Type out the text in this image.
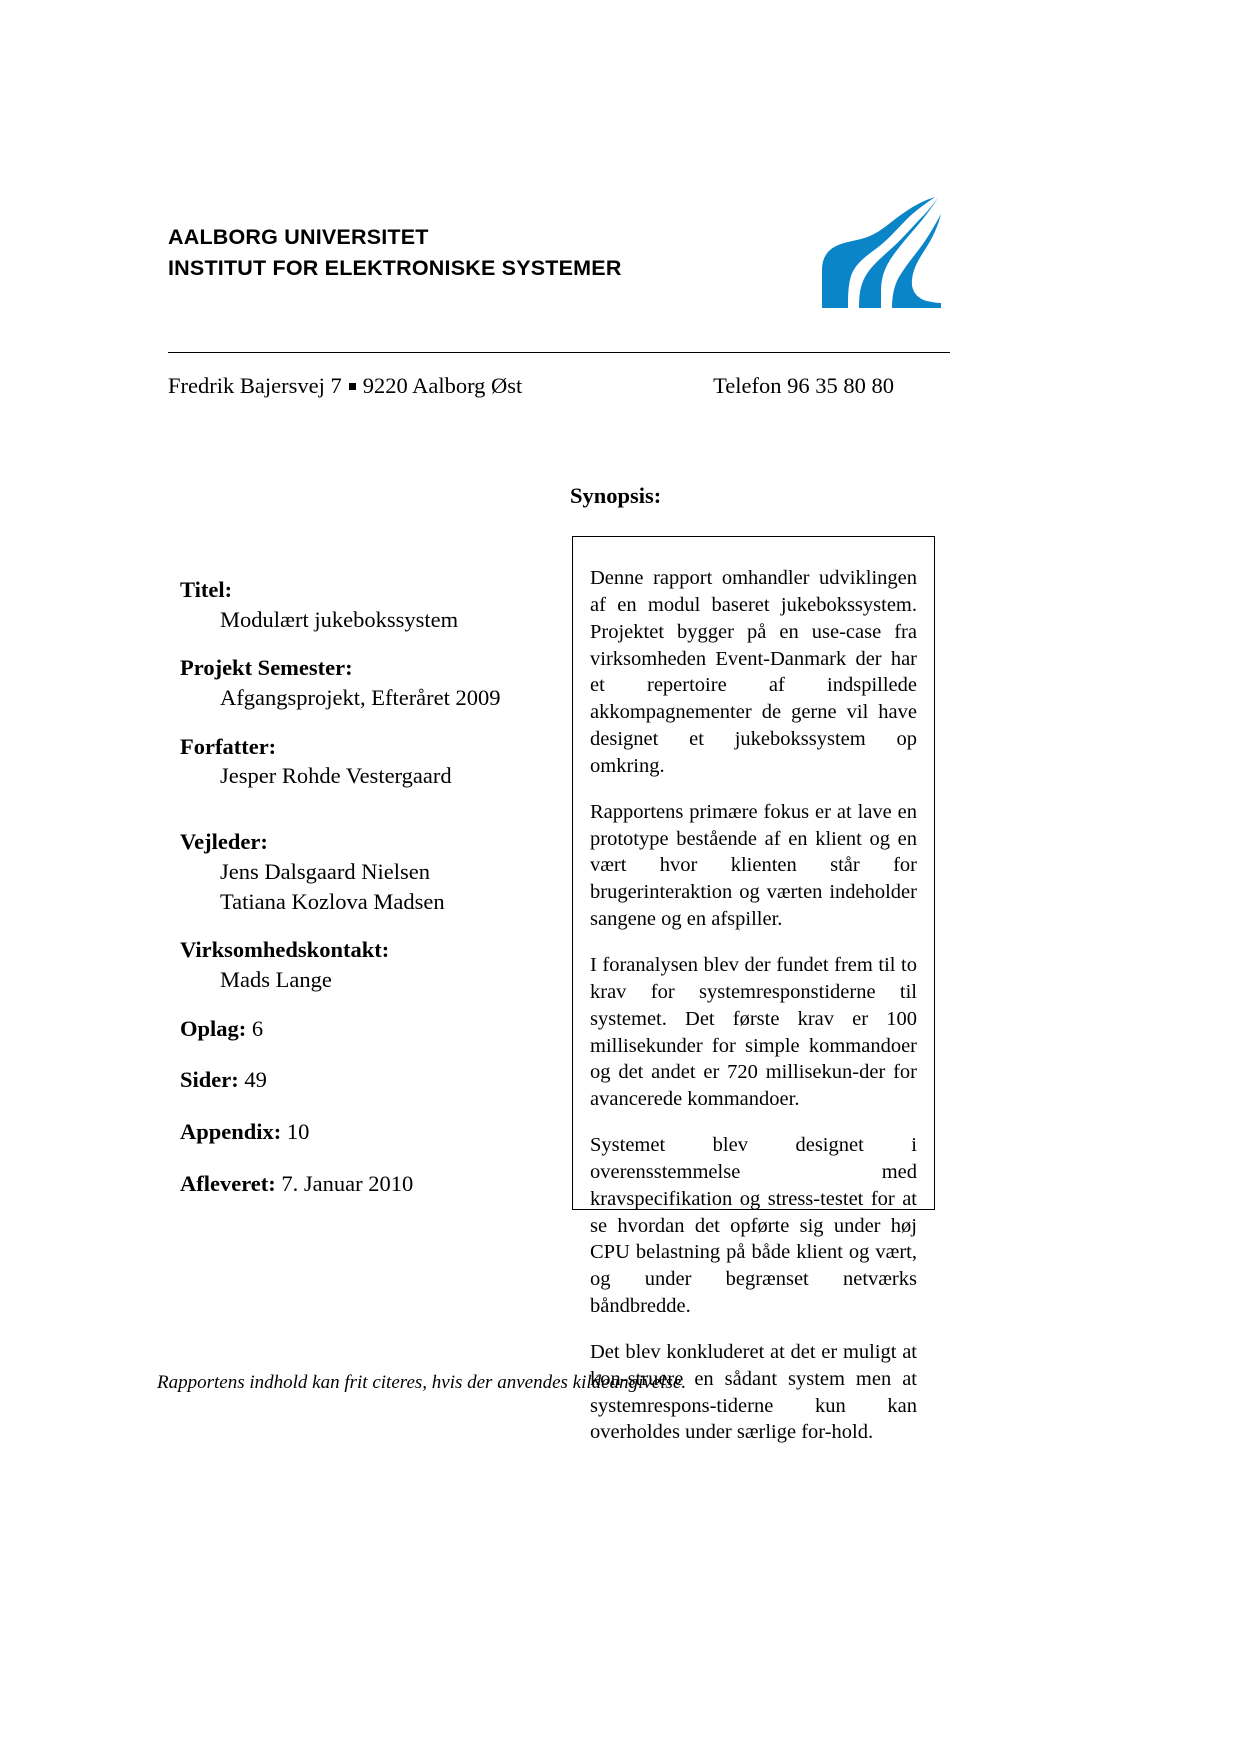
AALBORG UNIVERSITET
INSTITUT FOR ELEKTRONISKE SYSTEMER
Fredrik Bajersvej 7 9220 Aalborg Øst	Telefon 96 35 80 80
Titel:
Modulært jukebokssystem
Projekt Semester:
Afgangsprojekt, Efteråret 2009
Forfatter:
Jesper Rohde Vestergaard
Vejleder:
Jens Dalsgaard Nielsen
Tatiana Kozlova Madsen
Virksomhedskontakt:
Mads Lange
Oplag: 6
Sider: 49
Appendix: 10
Afleveret: 7. Januar 2010
Synopsis:

Denne rapport omhandler udviklingen af en modul baseret jukebokssystem. Projektet bygger på en use-case fra virksomheden Event-Danmark der har et repertoire af indspillede akkompagnementer de gerne vil have designet et jukebokssystem op omkring.

Rapportens primære fokus er at lave en prototype bestående af en klient og en vært hvor klienten står for brugerinteraktion og værten indeholder sangene og en afspiller.

I foranalysen blev der fundet frem til to krav for systemresponstiderne til systemet. Det første krav er 100 millisekunder for simple kommandoer og det andet er 720 millisekun-der for avancerede kommandoer.

Systemet blev designet i overensstemmelse med kravspecifikation og stress-testet for at se hvordan det opførte sig under høj CPU belastning på både klient og vært, og under begrænset netværks båndbredde.

Det blev konkluderet at det er muligt at kon-struere en sådant system men at systemrespons-tiderne kun kan overholdes under særlige for-hold.

Rapportens indhold kan frit citeres, hvis der anvendes kildeangivelse.
